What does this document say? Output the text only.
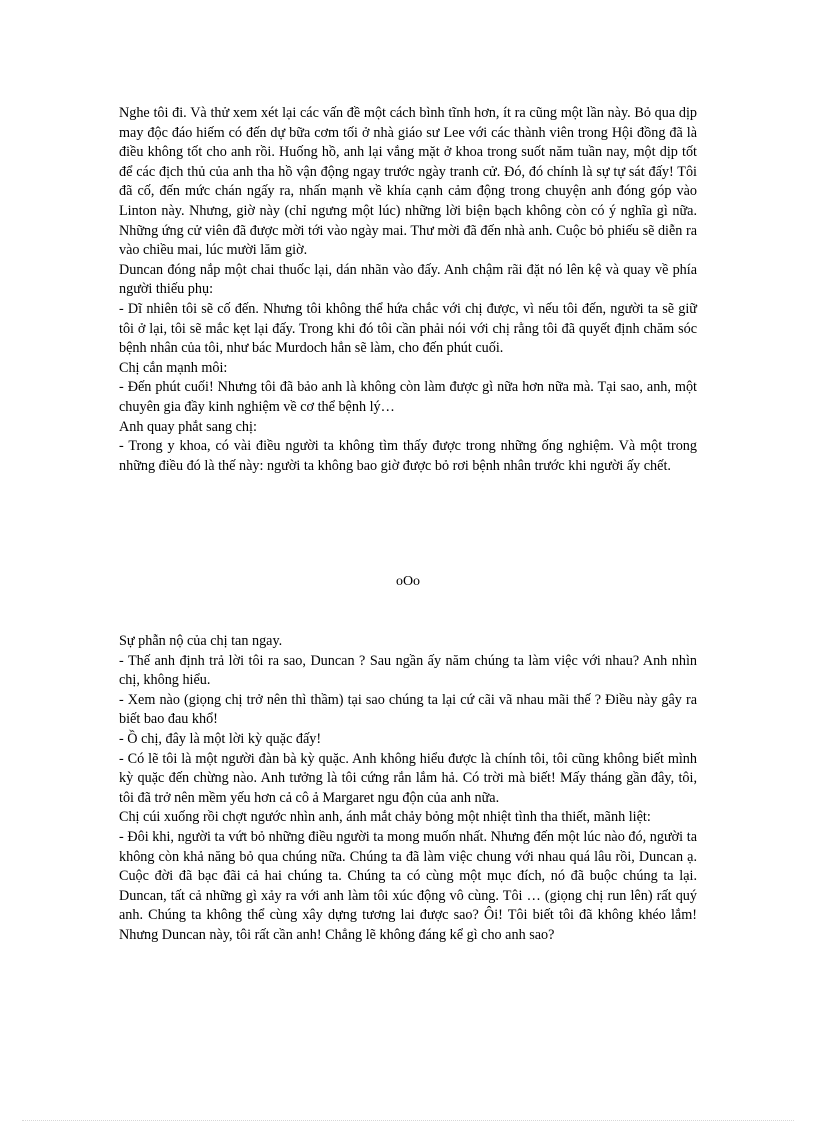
Nghe tôi đi. Và thử xem xét lại các vấn đề một cách bình tĩnh hơn, ít ra cũng một lần này. Bỏ qua dịp may độc đáo hiếm có đến dự bữa cơm tối ở nhà giáo sư Lee với các thành viên trong Hội đồng đã là điều không tốt cho anh rồi. Huống hồ, anh lại vắng mặt ở khoa trong suốt năm tuần nay, một dịp tốt để các địch thủ của anh tha hồ vận động ngay trước ngày tranh cử. Đó, đó chính là sự tự sát đấy! Tôi đã cố, đến mức chán ngấy ra, nhấn mạnh về khía cạnh cảm động trong chuyện anh đóng góp vào Linton này. Nhưng, giờ này (chỉ ngưng một lúc) những lời biện bạch không còn có ý nghĩa gì nữa. Những ứng cử viên đã được mời tới vào ngày mai. Thư mời đã đến nhà anh. Cuộc bỏ phiếu sẽ diễn ra vào chiều mai, lúc mười lăm giờ.

Duncan đóng nắp một chai thuốc lại, dán nhãn vào đấy. Anh chậm rãi đặt nó lên kệ và quay về phía người thiếu phụ:

- Dĩ nhiên tôi sẽ cố đến. Nhưng tôi không thể hứa chắc với chị được, vì nếu tôi đến, người ta sẽ giữ tôi ở lại, tôi sẽ mắc kẹt lại đấy. Trong khi đó tôi cần phải nói với chị rằng tôi đã quyết định chăm sóc bệnh nhân của tôi, như bác Murdoch hẳn sẽ làm, cho đến phút cuối.

Chị cắn mạnh môi:

- Đến phút cuối! Nhưng tôi đã bảo anh là không còn làm được gì nữa hơn nữa mà. Tại sao, anh, một chuyên gia đầy kinh nghiệm về cơ thể bệnh lý…

Anh quay phắt sang chị:

- Trong y khoa, có vài điều người ta không tìm thấy được trong những ống nghiệm. Và một trong những điều đó là thế này: người ta không bao giờ được bỏ rơi bệnh nhân trước khi người ấy chết.

oOo

Sự phẫn nộ của chị tan ngay.

- Thế anh định trả lời tôi ra sao, Duncan ? Sau ngần ấy năm chúng ta làm việc với nhau? Anh nhìn chị, không hiểu.

- Xem nào (giọng chị trở nên thì thầm) tại sao chúng ta lại cứ cãi vã nhau mãi thế ? Điều này gây ra biết bao đau khổ!

- Ồ chị, đây là một lời kỳ quặc đấy!

- Có lẽ tôi là một người đàn bà kỳ quặc. Anh không hiểu được là chính tôi, tôi cũng không biết mình kỳ quặc đến chừng nào. Anh tưởng là tôi cứng rắn lắm hả. Có trời mà biết! Mấy tháng gần đây, tôi, tôi đã trở nên mềm yếu hơn cả cô ả Margaret ngu độn của anh nữa.

Chị cúi xuống rồi chợt ngước nhìn anh, ánh mắt chảy bỏng một nhiệt tình tha thiết, mãnh liệt:

- Đôi khi, người ta vứt bỏ những điều người ta mong muốn nhất. Nhưng đến một lúc nào đó, người ta không còn khả năng bỏ qua chúng nữa. Chúng ta đã làm việc chung với nhau quá lâu rồi, Duncan ạ. Cuộc đời đã bạc đãi cả hai chúng ta. Chúng ta có cùng một mục đích, nó đã buộc chúng ta lại. Duncan, tất cả những gì xảy ra với anh làm tôi xúc động vô cùng. Tôi … (giọng chị run lên) rất quý anh. Chúng ta không thể cùng xây dựng tương lai được sao? Ôi! Tôi biết tôi đã không khéo lắm! Nhưng Duncan này, tôi rất cần anh! Chẳng lẽ không đáng kể gì cho anh sao?
